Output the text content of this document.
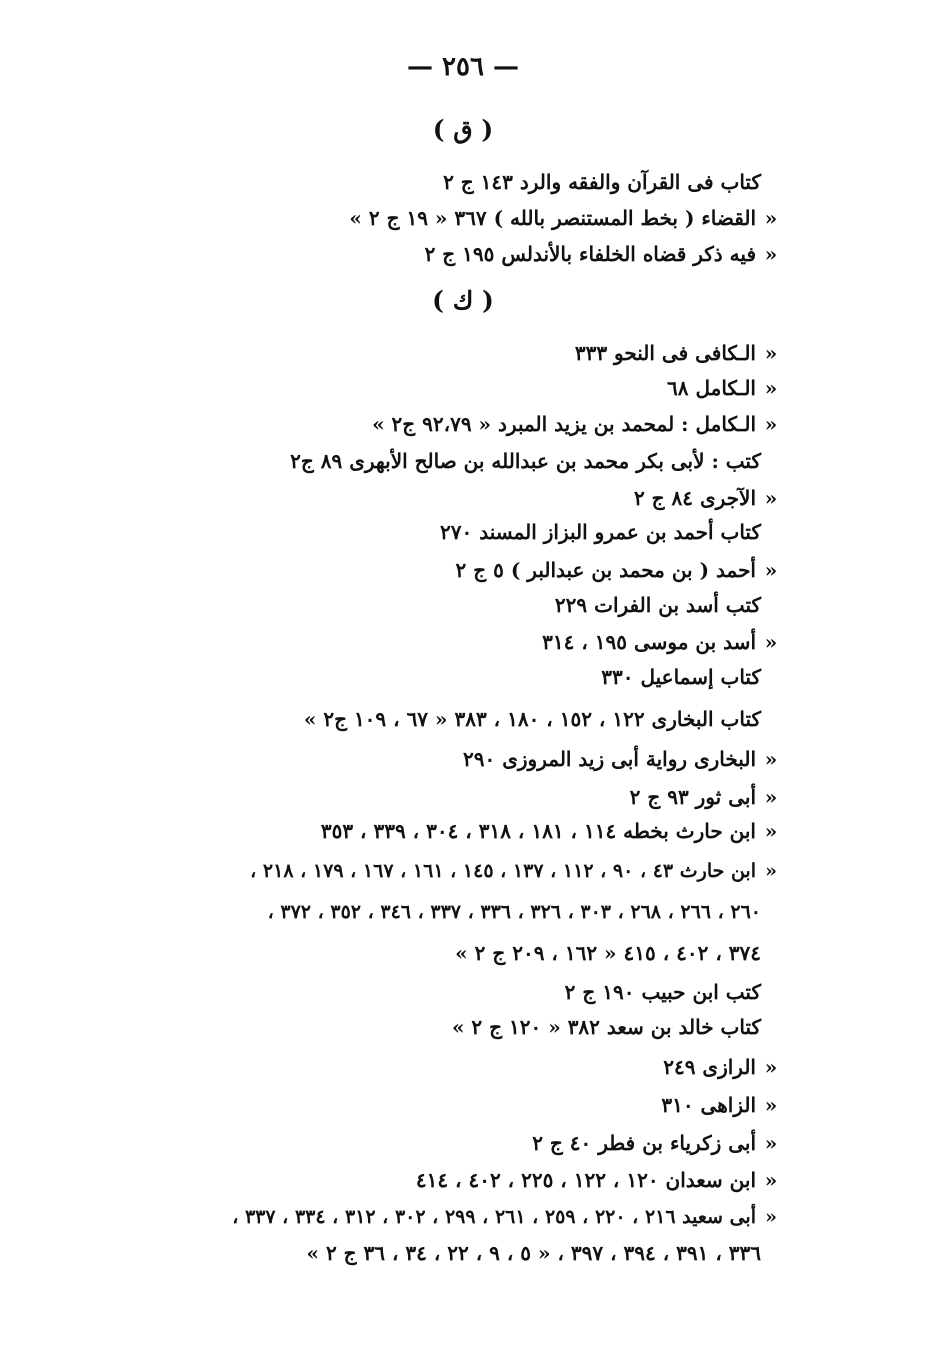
— ٢٥٦ —
( ق )
كتاب فى القرآن والفقه والرد ١٤٣ ج ٢
«القضاء ( بخط المستنصر بالله ) ٣٦٧ « ١٩ ج ٢ »
«فيه ذكر قضاه الخلفاء بالأندلس ١٩٥ ج ٢
( ك )
«الـكافى فى النحو ٣٣٣
«الـكامل ٦٨
«الـكامل : لمحمد بن يزيد المبرد « ٩٢،٧٩ ج٢ »
كتب : لأبى بكر محمد بن عبدالله بن صالح الأبهرى ٨٩ ج٢
«الآجرى ٨٤ ج ٢
كتاب أحمد بن عمرو البزاز المسند ٢٧٠
«أحمد ( بن محمد بن عبدالبر ) ٥ ج ٢
كتب أسد بن الفرات ٢٢٩
«أسد بن موسى ١٩٥ ، ٣١٤
كتاب إسماعيل ٣٣٠
كتاب البخارى ١٢٢ ، ١٥٢ ، ١٨٠ ، ٣٨٣ « ٦٧ ، ١٠٩ ج٢ »
«البخارى رواية أبى زيد المروزى ٢٩٠
«أبى ثور ٩٣ ج ٢
«ابن حارث بخطه ١١٤ ، ١٨١ ، ٣١٨ ، ٣٠٤ ، ٣٣٩ ، ٣٥٣
«ابن حارث ٤٣ ، ٩٠ ، ١١٢ ، ١٣٧ ، ١٤٥ ، ١٦١ ، ١٦٧ ، ١٧٩ ، ٢١٨ ،
٢٦٠ ، ٢٦٦ ، ٢٦٨ ، ٣٠٣ ، ٣٢٦ ، ٣٣٦ ، ٣٣٧ ، ٣٤٦ ، ٣٥٢ ، ٣٧٢ ،
٣٧٤ ، ٤٠٢ ، ٤١٥ « ١٦٢ ، ٢٠٩ ج ٢ »
كتب ابن حبيب ١٩٠ ج ٢
كتاب خالد بن سعد ٣٨٢ « ١٢٠ ج ٢ »
«الرازى ٢٤٩
«الزاهى ٣١٠
«أبى زكرياء بن فطر ٤٠ ج ٢
«ابن سعدان ١٢٠ ، ١٢٢ ، ٢٢٥ ، ٤٠٢ ، ٤١٤
«أبى سعيد ٢١٦ ، ٢٢٠ ، ٢٥٩ ، ٢٦١ ، ٢٩٩ ، ٣٠٢ ، ٣١٢ ، ٣٣٤ ، ٣٣٧ ،
٣٣٦ ، ٣٩١ ، ٣٩٤ ، ٣٩٧ ، « ٥ ، ٩ ، ٢٢ ، ٣٤ ، ٣٦ ج ٢ »
